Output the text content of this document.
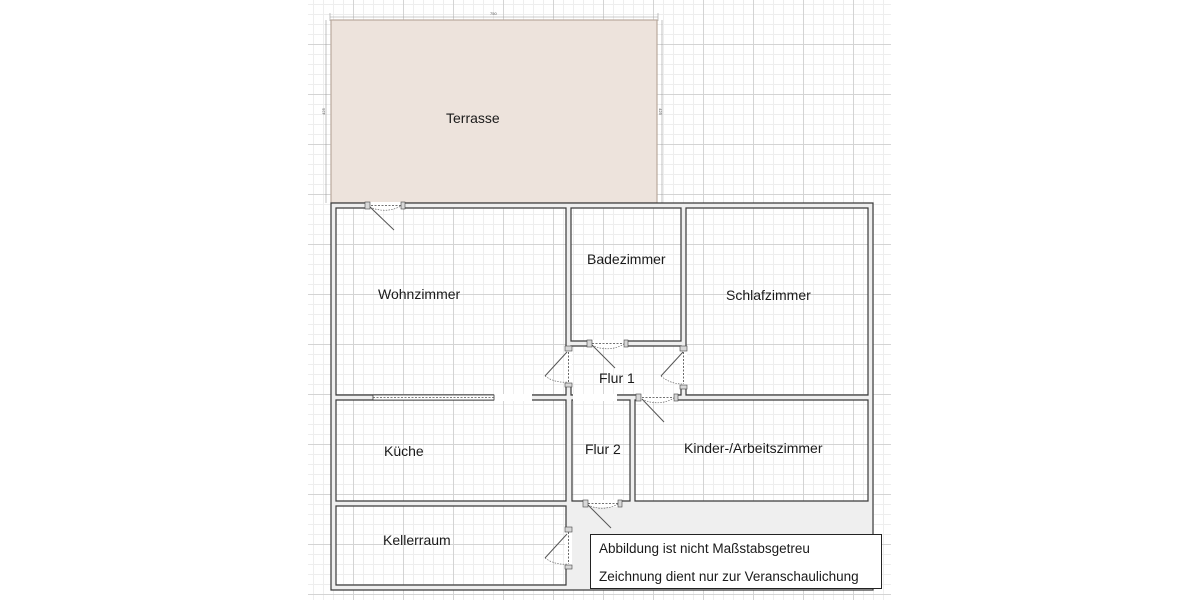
750
425	425
Terrasse
Wohnzimmer
Badezimmer
Schlafzimmer
Flur 1
Küche	Flur 2	Kinder-/Arbeitszimmer
Kellerraum
Abbildung ist nicht Maßstabsgetreu
Zeichnung dient nur zur Veranschaulichung
